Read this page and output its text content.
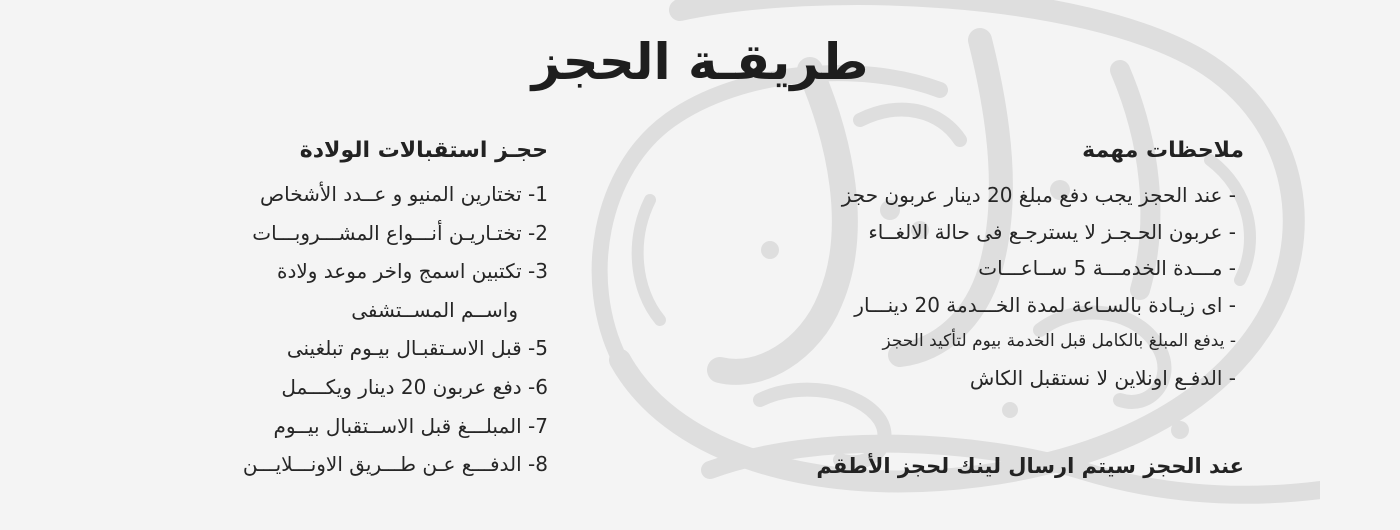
طريقـة الحجز
ملاحظات مهمة
- عند الحجز يجب دفع مبلغ 20 دينار عربون حجز
- عربون الحـجـز لا يسترجـع فى حالة الالغــاء
- مـــدة الخدمـــة 5 ســاعـــات
- اى زيـادة بالسـاعة لمدة الخـــدمة 20 دينـــار
- يدفع المبلغ بالكامل قبل الخدمة بيوم لتأكيد الحجز
- الدفـع اونلاين لا نستقبل الكاش

عند الحجز سيتم ارسال لينك لحجز الأطقم

حجـز استقبالات الولادة
1- تختارين المنيو و عــدد الأشخاص
2- تختـاريـن أنـــواع المشـــروبـــات
3- تكتبين اسمج واخر موعد ولادة
واســم المســتشفى
5- قبل الاسـتقبـال بيـوم تبلغينى
6- دفع عربون 20 دينار ويكـــمل
7- المبلـــغ قبل الاســتقبال بيــوم
8- الدفـــع عـن طـــريق الاونـــلايـــن
